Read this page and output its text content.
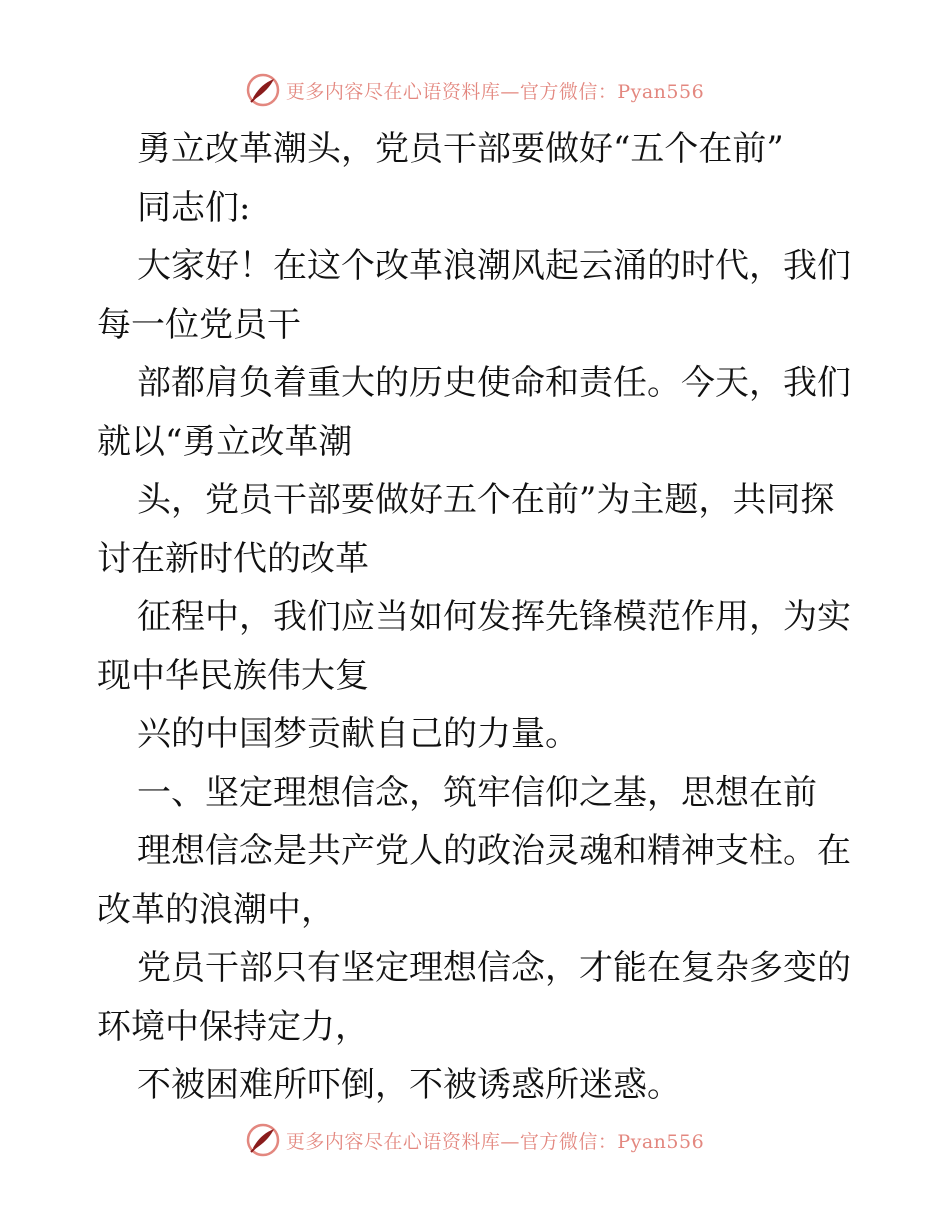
更多内容尽在心语资料库—官方微信：Pyan556
勇立改革潮头，党员干部要做好“五个在前”
同志们:
大家好！在这个改革浪潮风起云涌的时代，我们
每一位党员干
部都肩负着重大的历史使命和责任。今天，我们
就以“勇立改革潮
头，党员干部要做好五个在前”为主题，共同探
讨在新时代的改革
征程中，我们应当如何发挥先锋模范作用，为实
现中华民族伟大复
兴的中国梦贡献自己的力量。
一、坚定理想信念，筑牢信仰之基，思想在前
理想信念是共产党人的政治灵魂和精神支柱。在
改革的浪潮中，
党员干部只有坚定理想信念，才能在复杂多变的
环境中保持定力，
不被困难所吓倒，不被诱惑所迷惑。
更多内容尽在心语资料库—官方微信：Pyan556
